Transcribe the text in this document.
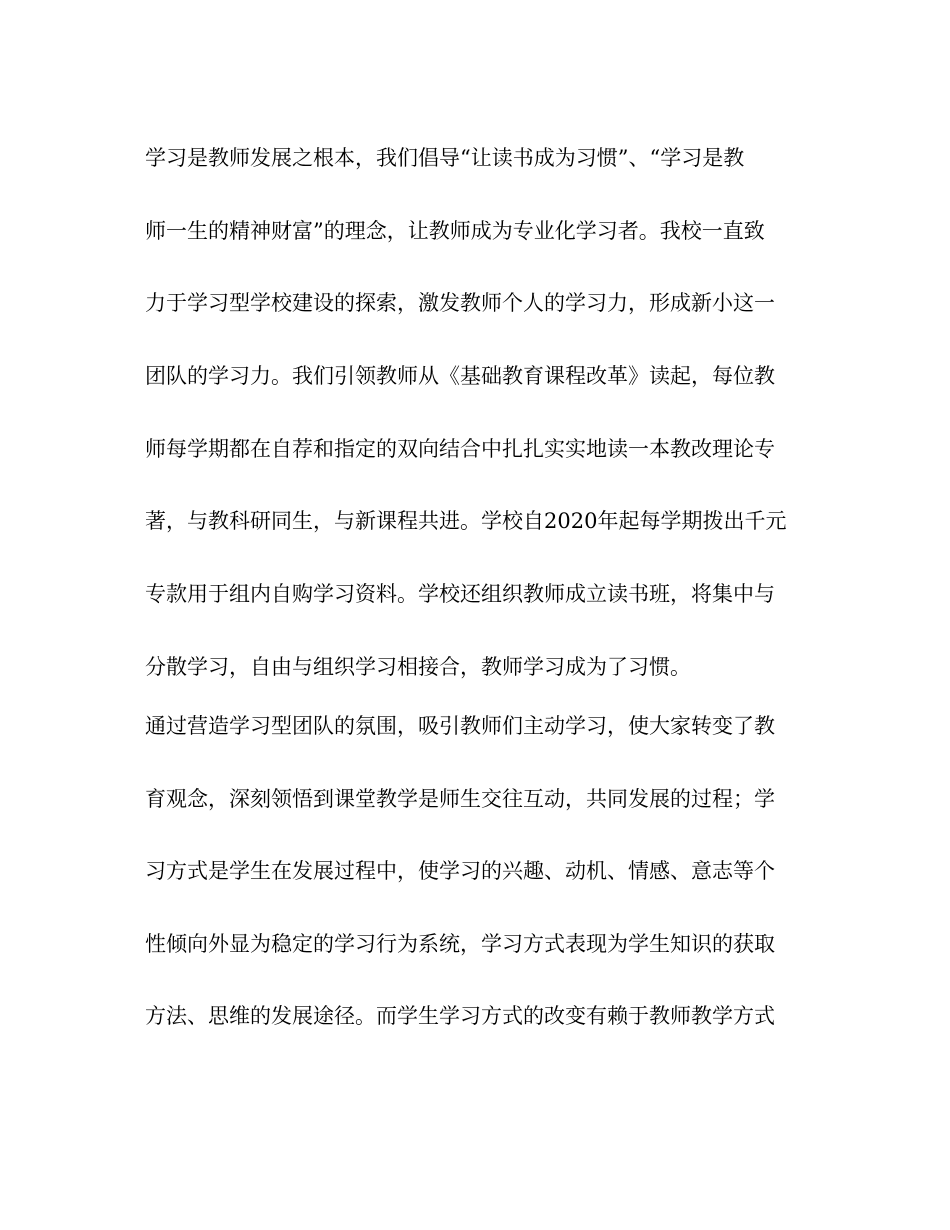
学习是教师发展之根本，我们倡导“让读书成为习惯”、“学习是教
师一生的精神财富”的理念，让教师成为专业化学习者。我校一直致
力于学习型学校建设的探索，激发教师个人的学习力，形成新小这一
团队的学习力。我们引领教师从《基础教育课程改革》读起，每位教
师每学期都在自荐和指定的双向结合中扎扎实实地读一本教改理论专
著，与教科研同生，与新课程共进。学校自2020年起每学期拨出千元
专款用于组内自购学习资料。学校还组织教师成立读书班，将集中与
分散学习，自由与组织学习相接合，教师学习成为了习惯。
通过营造学习型团队的氛围，吸引教师们主动学习，使大家转变了教
育观念，深刻领悟到课堂教学是师生交往互动，共同发展的过程；学
习方式是学生在发展过程中，使学习的兴趣、动机、情感、意志等个
性倾向外显为稳定的学习行为系统，学习方式表现为学生知识的获取
方法、思维的发展途径。而学生学习方式的改变有赖于教师教学方式
